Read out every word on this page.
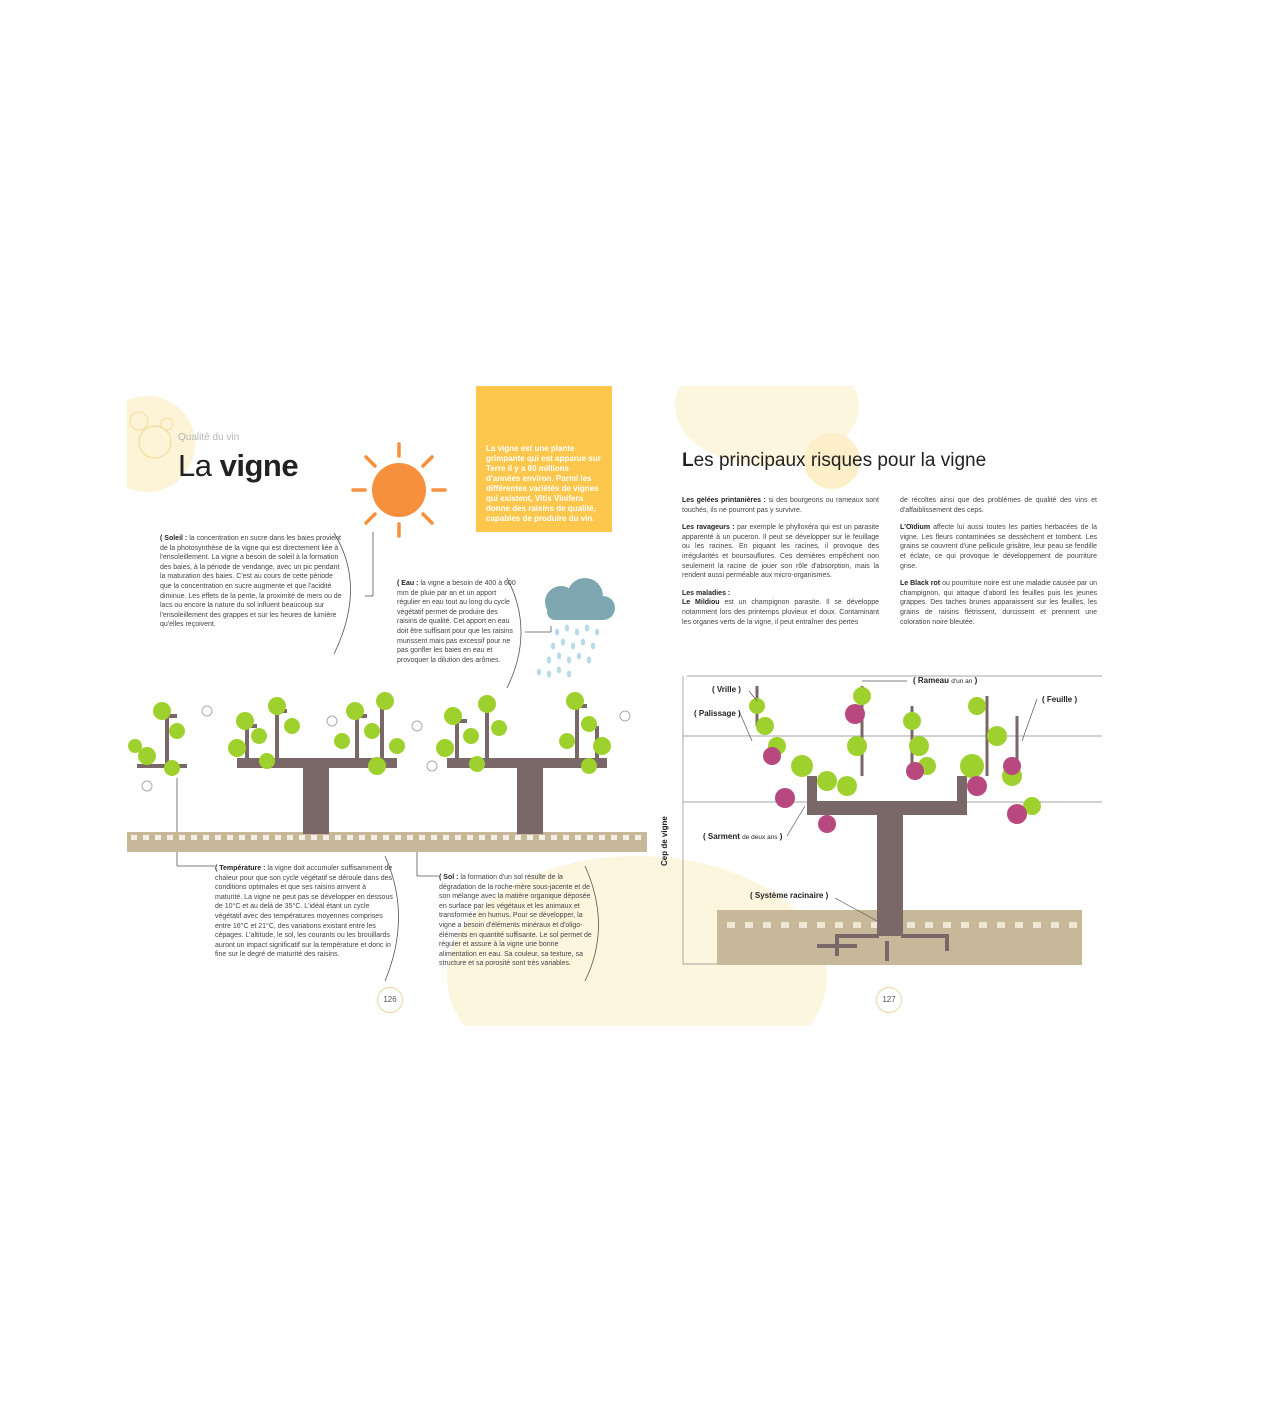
Qualité du vin
La vigne	La vigne est une plante grimpante qui est apparue sur Terre il y a 60 millions d'années environ. Parmi les différentes variétés de vignes qui existent, Vitis Vinifera donne des raisins de qualité, capables de produire du vin.

( Soleil : la concentration en sucre dans les baies provient de la photosynthèse de la vigne qui est directement liée à l'ensoleillement. La vigne a besoin de soleil à la formation des baies, à la période de vendange, avec un pic pendant la maturation des baies. C'est au cours de cette période que la concentration en sucre augmente et que l'acidité diminue. Les effets de la pente, la proximité de mers ou de lacs ou encore la nature du sol influent beaucoup sur l'ensoleillement des grappes et sur les heures de lumière qu'elles reçoivent.
( Eau : la vigne a besoin de 400 à 600 mm de pluie par an et un apport régulier en eau tout au long du cycle végétatif permet de produire des raisins de qualité. Cet apport en eau doit être suffisant pour que les raisins murissent mais pas excessif pour ne pas gonfler les baies en eau et provoquer la dilution des arômes.
( Température : la vigne doit accumuler suffisamment de chaleur pour que son cycle végétatif se déroule dans des conditions optimales et que ses raisins arrivent à maturité. La vigne ne peut pas se développer en dessous de 10°C et au delà de 35°C. L'idéal étant un cycle végétatif avec des températures moyennes comprises entre 16°C et 21°C, des variations existant entre les cépages. L'altitude, le sol, les courants ou les brouillards auront un impact significatif sur la température et donc in fine sur le degré de maturité des raisins.
( Sol : la formation d'un sol résulte de la dégradation de la roche-mère sous-jacente et de son mélange avec la matière organique déposée en surface par les végétaux et les animaux et transformée en humus. Pour se développer, la vigne a besoin d'éléments minéraux et d'oligo-éléments en quantité suffisante. Le sol permet de réguler et assure à la vigne une bonne alimentation en eau. Sa couleur, sa texture, sa structure et sa porosité sont très variables.
126
Les principaux risques pour la vigne

Les gelées printanières : si des bourgeons ou rameaux sont touchés, ils ne pourront pas y survivre.

Les ravageurs : par exemple le phylloxéra qui est un parasite apparenté à un puceron. Il peut se développer sur le feuillage ou les racines. En piquant les racines, il provoque des irrégularités et boursouflures. Ces dernières empêchent non seulement la racine de jouer son rôle d'absorption, mais la rendent aussi perméable aux micro-organismes.

Les maladies :
Le Mildiou est un champignon parasite. Il se développe notamment lors des printemps pluvieux et doux. Contaminant les organes verts de la vigne, il peut entraîner des pertes

de récoltes ainsi que des problèmes de qualité des vins et d'affaiblissement des ceps.

L'Oïdium affecte lui aussi toutes les parties herbacées de la vigne. Les fleurs contaminées se dessèchent et tombent. Les grains se couvrent d'une pellicule grisâtre, leur peau se fendille et éclate, ce qui provoque le développement de pourriture grise.

Le Black rot ou pourriture noire est une maladie causée par un champignon, qui attaque d'abord les feuilles puis les jeunes grappes. Des taches brunes apparaissent sur les feuilles, les grains de raisins flétrissent, durcissent et prennent une coloration noire bleutée.

Cep de vigne
( Vrille )
( Palissage )
( Rameau d'un an )
( Feuille )
( Sarment de deux ans )
( Système racinaire )
127
